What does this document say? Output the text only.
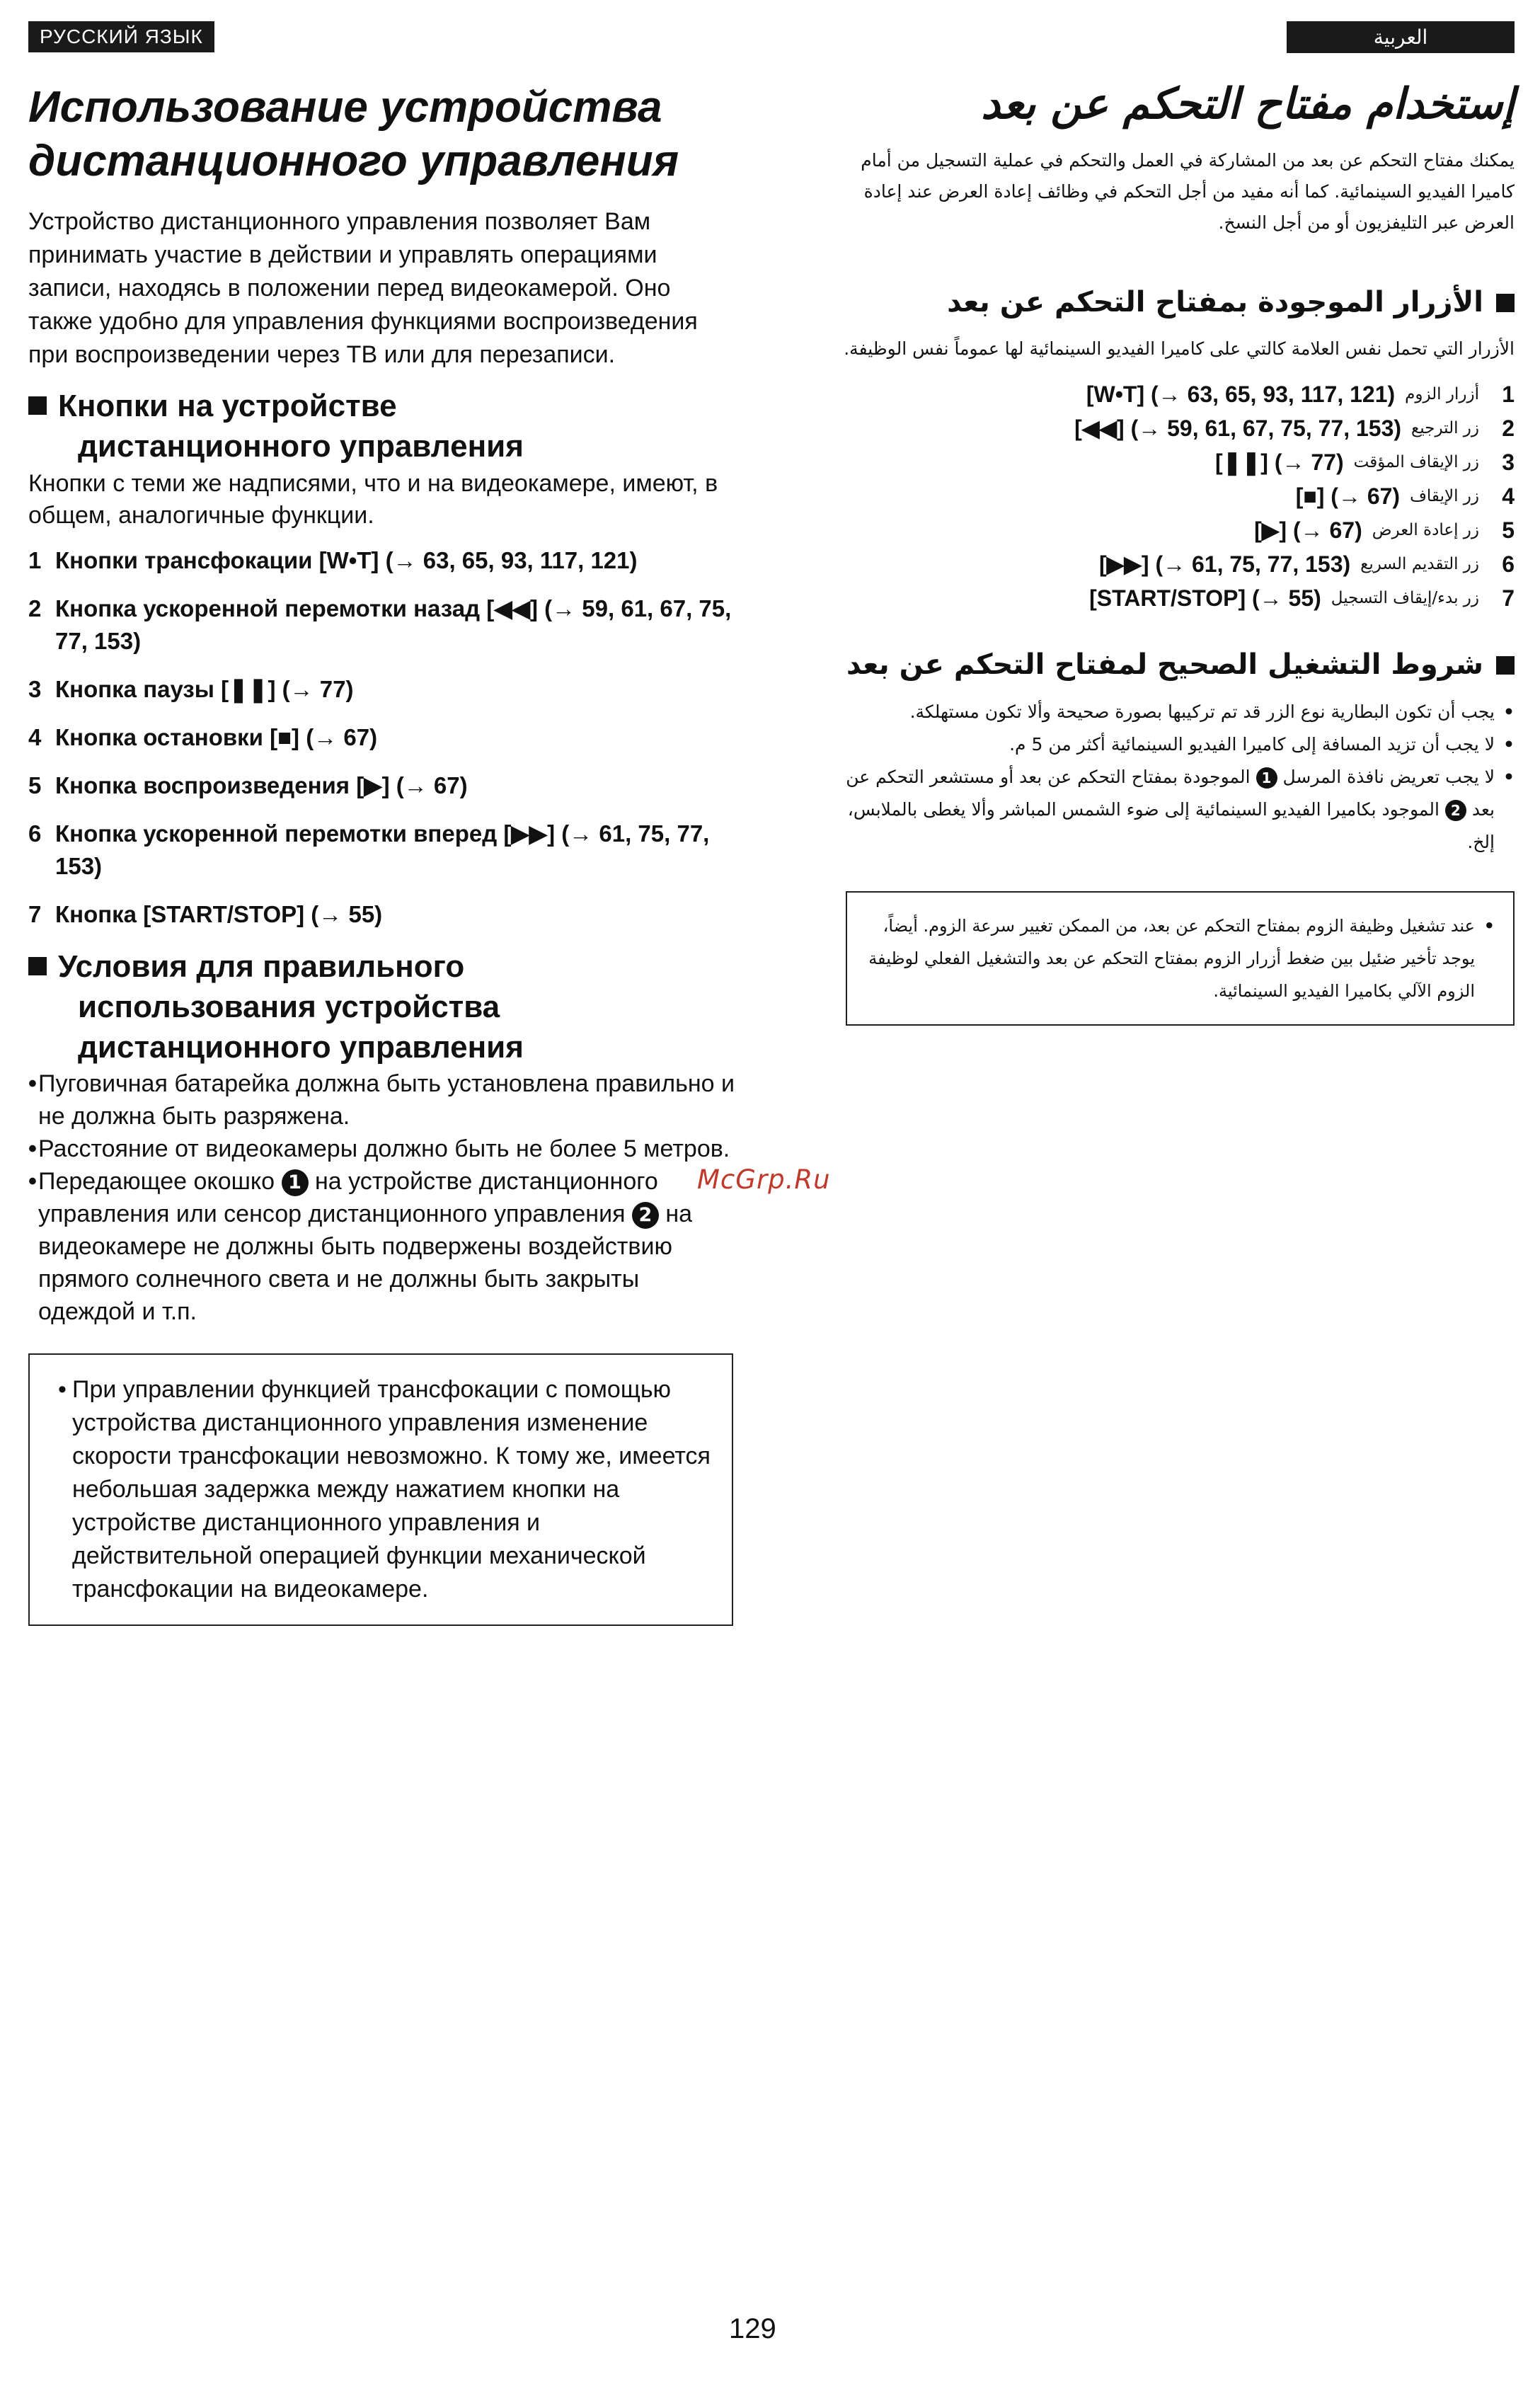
РУССКИЙ ЯЗЫК
Использование устройства
дистанционного управления

Устройство дистанционного управления позволяет Вам принимать участие в действии и управлять операциями записи, находясь в положении перед видеокамерой. Оно также удобно для управления функциями воспроизведения при воспроизведении через ТВ или для перезаписи.

Кнопки на устройстве
дистанционного управления

Кнопки с теми же надписями, что и на видеокамере, имеют, в общем, аналогичные функции.

1 Кнопки трансфокации [W•T] (→ 63, 65, 93, 117, 121)
2 Кнопка ускоренной перемотки назад [◀◀] (→ 59, 61, 67, 75, 77, 153)
3 Кнопка паузы [❚❚] (→ 77)
4 Кнопка остановки [■] (→ 67)
5 Кнопка воспроизведения [▶] (→ 67)
6 Кнопка ускоренной перемотки вперед [▶▶] (→ 61, 75, 77, 153)
7 Кнопка [START/STOP] (→ 55)
Условия для правильного
использования устройства
дистанционного управления
• Пуговичная батарейка должна быть установлена правильно и не должна быть разряжена.
• Расстояние от видеокамеры должно быть не более 5 метров.
• Передающее окошко 1 на устройстве дистанционного управления или сенсор дистанционного управления 2 на видеокамере не должны быть подвержены воздействию прямого солнечного света и не должны быть закрыты одеждой и т.п.
• При управлении функцией трансфокации с помощью устройства дистанционного управления изменение скорости трансфокации невозможно. К тому же, имеется небольшая задержка между нажатием кнопки на устройстве дистанционного управления и действительной операцией функции механической трансфокации на видеокамере.
العربية
إستخدام مفتاح التحكم عن بعد

يمكنك مفتاح التحكم عن بعد من المشاركة في العمل والتحكم في عملية التسجيل من أمام كاميرا الفيديو السينمائية. كما أنه مفيد من أجل التحكم في وظائف إعادة العرض عند إعادة العرض عبر التليفزيون أو من أجل النسخ.

الأزرار الموجودة بمفتاح التحكم عن بعد

الأزرار التي تحمل نفس العلامة كالتي على كاميرا الفيديو السينمائية لها عموماً نفس الوظيفة.

1
أزرار الزوم
[W•T] (→ 63, 65, 93, 117, 121)
2
زر الترجيع
[◀◀] (→ 59, 61, 67, 75, 77, 153)
3
زر الإيقاف المؤقت
[❚❚] (→ 77)
4
زر الإيقاف
[■] (→ 67)
5
زر إعادة العرض
[▶] (→ 67)
6
زر التقديم السريع
[▶▶] (→ 61, 75, 77, 153)
7
زر بدء/إيقاف التسجيل
[START/STOP] (→ 55)
شروط التشغيل الصحيح لمفتاح التحكم عن بعد
•
يجب أن تكون البطارية نوع الزر قد تم تركيبها بصورة صحيحة وألا تكون مستهلكة.
•
لا يجب أن تزيد المسافة إلى كاميرا الفيديو السينمائية أكثر من 5 م.
•
لا يجب تعريض نافذة المرسل 1 الموجودة بمفتاح التحكم عن بعد أو مستشعر التحكم عن بعد 2 الموجود بكاميرا الفيديو السينمائية إلى ضوء الشمس المباشر وألا يغطى بالملابس، إلخ.
•
عند تشغيل وظيفة الزوم بمفتاح التحكم عن بعد، من الممكن تغيير سرعة الزوم. أيضاً، يوجد تأخير ضئيل بين ضغط أزرار الزوم بمفتاح التحكم عن بعد والتشغيل الفعلي لوظيفة الزوم الآلي بكاميرا الفيديو السينمائية.
McGrp.Ru
129
